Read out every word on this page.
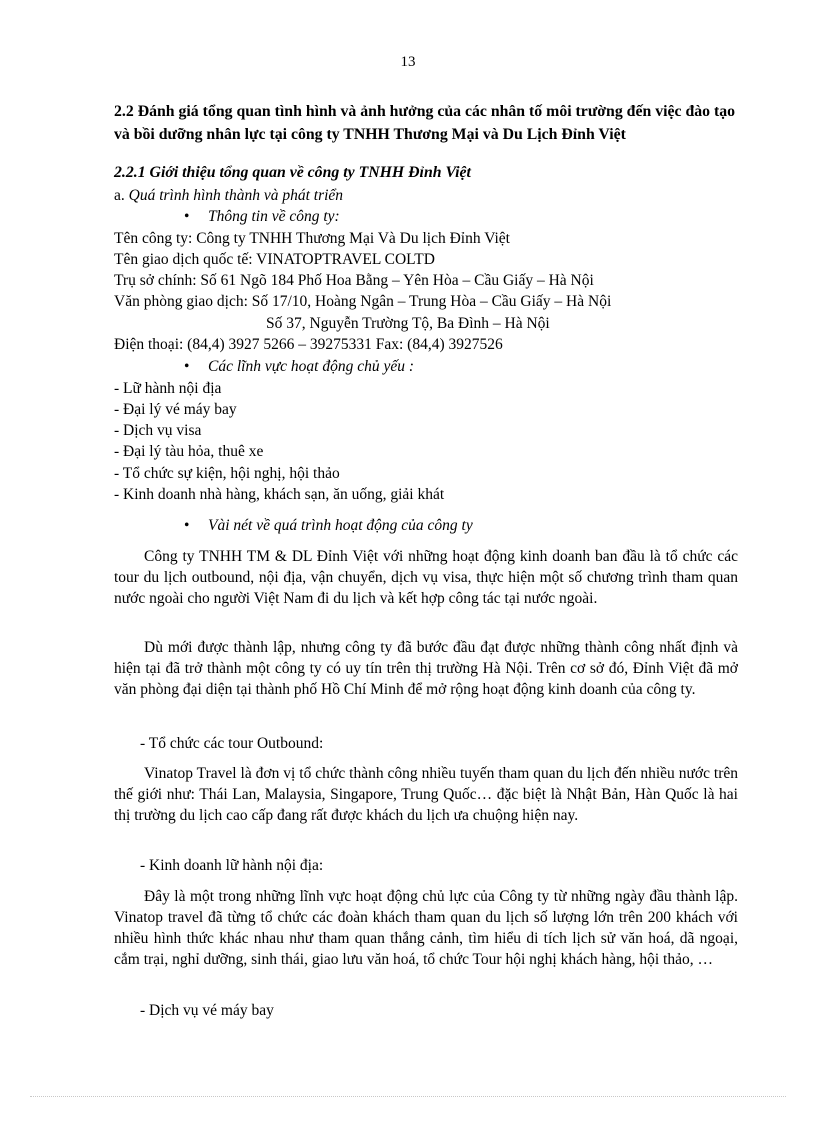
13
2.2 Đánh giá tổng quan tình hình và ảnh hưởng của các nhân tố môi trường đến việc đào tạo và bồi dưỡng nhân lực tại công ty TNHH Thương Mại và Du Lịch Đỉnh Việt
2.2.1 Giới thiệu tổng quan về công ty TNHH Đỉnh Việt
a. Quá trình hình thành và phát triển
• Thông tin về công ty:
Tên công ty: Công ty TNHH Thương Mại Và Du lịch Đỉnh Việt
Tên giao dịch quốc tế: VINATOPTRAVEL COLTD
Trụ sở chính: Số 61 Ngõ 184 Phố Hoa Bằng – Yên Hòa – Cầu Giấy – Hà Nội
Văn phòng giao dịch: Số 17/10, Hoàng Ngân – Trung Hòa – Cầu Giấy – Hà Nội
Số 37, Nguyễn Trường Tộ, Ba Đình – Hà Nội
Điện thoại: (84,4) 3927 5266 – 39275331 Fax: (84,4) 3927526
• Các lĩnh vực hoạt động chủ yếu :
- Lữ hành nội địa
- Đại lý vé máy bay
- Dịch vụ visa
- Đại lý tàu hỏa, thuê xe
- Tổ chức sự kiện, hội nghị, hội thảo
- Kinh doanh nhà hàng, khách sạn, ăn uống, giải khát
• Vài nét về quá trình hoạt động của công ty
Công ty TNHH TM & DL Đỉnh Việt với những hoạt động kinh doanh ban đầu là tổ chức các tour du lịch outbound, nội địa, vận chuyển, dịch vụ visa, thực hiện một số chương trình tham quan nước ngoài cho người Việt Nam đi du lịch và kết hợp công tác tại nước ngoài.
Dù mới được thành lập, nhưng công ty đã bước đầu đạt được những thành công nhất định và hiện tại đã trở thành một công ty có uy tín trên thị trường Hà Nội. Trên cơ sở đó, Đỉnh Việt đã mở văn phòng đại diện tại thành phố Hồ Chí Minh để mở rộng hoạt động kinh doanh của công ty.
- Tổ chức các tour Outbound:
Vinatop Travel là đơn vị tổ chức thành công nhiều tuyến tham quan du lịch đến nhiều nước trên thế giới như: Thái Lan, Malaysia, Singapore, Trung Quốc… đặc biệt là Nhật Bản, Hàn Quốc là hai thị trường du lịch cao cấp đang rất được khách du lịch ưa chuộng hiện nay.
- Kinh doanh lữ hành nội địa:
Đây là một trong những lĩnh vực hoạt động chủ lực của Công ty từ những ngày đầu thành lập. Vinatop travel đã từng tổ chức các đoàn khách tham quan du lịch số lượng lớn trên 200 khách với nhiều hình thức khác nhau như tham quan thắng cảnh, tìm hiểu di tích lịch sử văn hoá, dã ngoại, cắm trại, nghỉ dưỡng, sinh thái, giao lưu văn hoá, tổ chức Tour hội nghị khách hàng, hội thảo, …
- Dịch vụ vé máy bay
